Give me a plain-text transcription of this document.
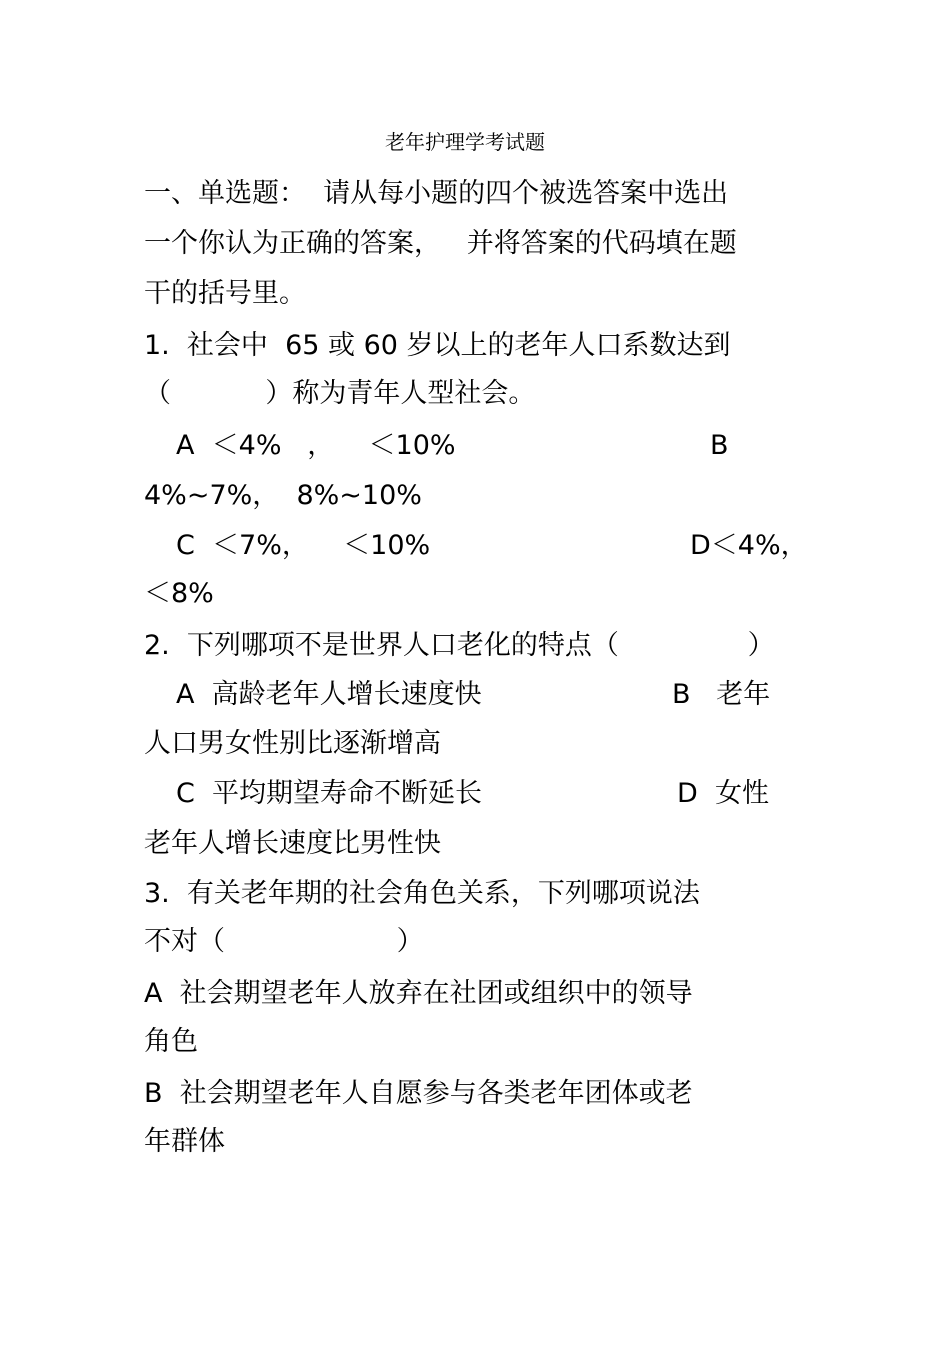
老年护理学考试题
一、单选题：  请从每小题的四个被选答案中选出
一个你认为正确的答案，   并将答案的代码填在题
干的括号里。
1.  社会中  65 或 60 岁以上的老年人口系数达到
（           ）称为青年人型社会。
A  ＜4%   ，    ＜10%	B
4%~7%，  8%~10%
C  ＜7%，    ＜10%	D＜4%，
＜8%
2.  下列哪项不是世界人口老化的特点（               ）
A  高龄老年人增长速度快	B   老年
人口男女性别比逐渐增高
C  平均期望寿命不断延长	D  女性
老年人增长速度比男性快
3.  有关老年期的社会角色关系，下列哪项说法
不对（                    ）
A  社会期望老年人放弃在社团或组织中的领导
角色
B  社会期望老年人自愿参与各类老年团体或老
年群体
